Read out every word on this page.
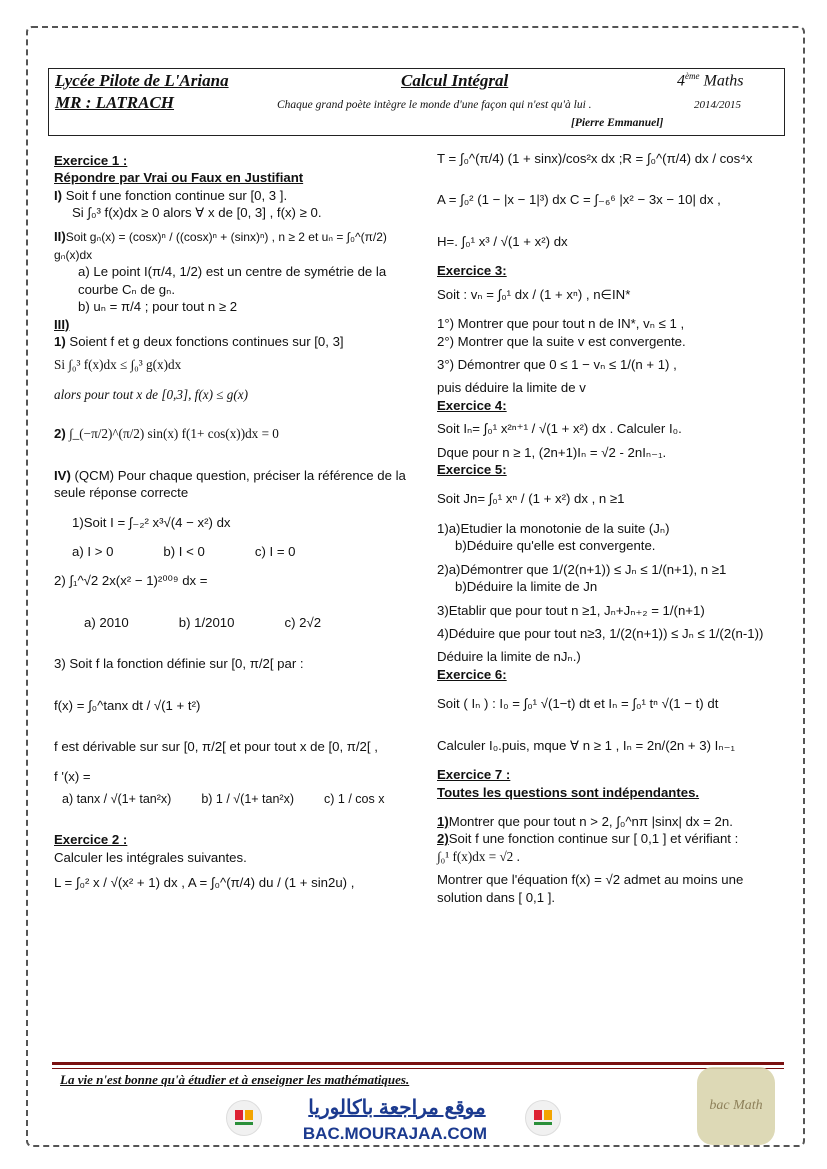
Lycée Pilote de L'Ariana
MR : LATRACH
Calcul Intégral
Chaque grand poète intègre le monde d'une façon qui n'est qu'à lui .
4ème Maths
2014/2015
[Pierre Emmanuel]

Exercice 1 :

Répondre par Vrai ou Faux en Justifiant

I) Soit f une fonction continue sur [0, 3 ].

Si ∫₀³ f(x)dx ≥ 0 alors ∀ x de [0, 3] , f(x) ≥ 0.

II)Soit gₙ(x) = (cosx)ⁿ / ((cosx)ⁿ + (sinx)ⁿ) , n ≥ 2 et uₙ = ∫₀^(π/2) gₙ(x)dx

a) Le point I(π/4, 1/2) est un centre de symétrie de la courbe Cₙ de gₙ.

b) uₙ = π/4 ; pour tout n ≥ 2

III)

1) Soient f et g deux fonctions continues sur [0, 3]

Si ∫₀³ f(x)dx ≤ ∫₀³ g(x)dx

alors pour tout x de [0,3], f(x) ≤ g(x)

2) ∫_(−π/2)^(π/2) sin(x) f(1+ cos(x))dx = 0

IV) (QCM) Pour chaque question, préciser la référence de la seule réponse correcte

1)Soit I = ∫₋₂² x³√(4 − x²) dx

a) I > 0	b) I < 0	c) I = 0

2) ∫₁^√2 2x(x² − 1)²⁰⁰⁹ dx =

a) 2010	b) 1/2010	c) 2√2

3) Soit f la fonction définie sur [0, π/2[ par :

f(x) = ∫₀^tanx dt / √(1 + t²)

f est dérivable sur sur [0, π/2[ et pour tout x de [0, π/2[ ,

f '(x) =

a) tanx / √(1+ tan²x) b) 1 / √(1+ tan²x) c) 1 / cos x

Exercice 2 :

Calculer les intégrales suivantes.

L = ∫₀² x / √(x² + 1) dx , A = ∫₀^(π/4) du / (1 + sin2u) ,

T = ∫₀^(π/4) (1 + sinx)/cos²x dx ;R = ∫₀^(π/4) dx / cos⁴x

A = ∫₀² (1 − |x − 1|³) dx C = ∫₋₆⁶ |x² − 3x − 10| dx ,

H=. ∫₀¹ x³ / √(1 + x²) dx

Exercice 3:

Soit : vₙ = ∫₀¹ dx / (1 + xⁿ) , n∈IN*

1°) Montrer que pour tout n de IN*, vₙ ≤ 1 ,

2°) Montrer que la suite v est convergente.

3°) Démontrer que 0 ≤ 1 − vₙ ≤ 1/(n + 1) ,

puis déduire la limite de v

Exercice 4:

Soit Iₙ= ∫₀¹ x²ⁿ⁺¹ / √(1 + x²) dx . Calculer I₀.

Dque pour n ≥ 1, (2n+1)Iₙ = √2 - 2nIₙ₋₁.

Exercice 5:

Soit Jn= ∫₀¹ xⁿ / (1 + x²) dx , n ≥1

1)a)Etudier la monotonie de la suite (Jₙ)

b)Déduire qu'elle est convergente.

2)a)Démontrer que 1/(2(n+1)) ≤ Jₙ ≤ 1/(n+1), n ≥1

b)Déduire la limite de Jn

3)Etablir que pour tout n ≥1, Jₙ+Jₙ₊₂ = 1/(n+1)

4)Déduire que pour tout n≥3, 1/(2(n+1)) ≤ Jₙ ≤ 1/(2(n-1))

Déduire la limite de nJₙ.)

Exercice 6:

Soit ( Iₙ ) : I₀ = ∫₀¹ √(1−t) dt et Iₙ = ∫₀¹ tⁿ √(1 − t) dt

Calculer I₀.puis, mque ∀ n ≥ 1 , Iₙ = 2n/(2n + 3) Iₙ₋₁

Exercice 7 :

Toutes les questions sont indépendantes.

1)Montrer que pour tout n > 2, ∫₀^nπ |sinx| dx = 2n.

2)Soit f une fonction continue sur [ 0,1 ] et vérifiant :

∫₀¹ f(x)dx = √2 .

Montrer que l'équation f(x) = √2 admet au moins une solution dans [ 0,1 ].

La vie n'est bonne qu'à étudier et à enseigner les mathématiques.
موقع مراجعة باكالوريا
BAC.MOURAJAA.COM
bac Math
